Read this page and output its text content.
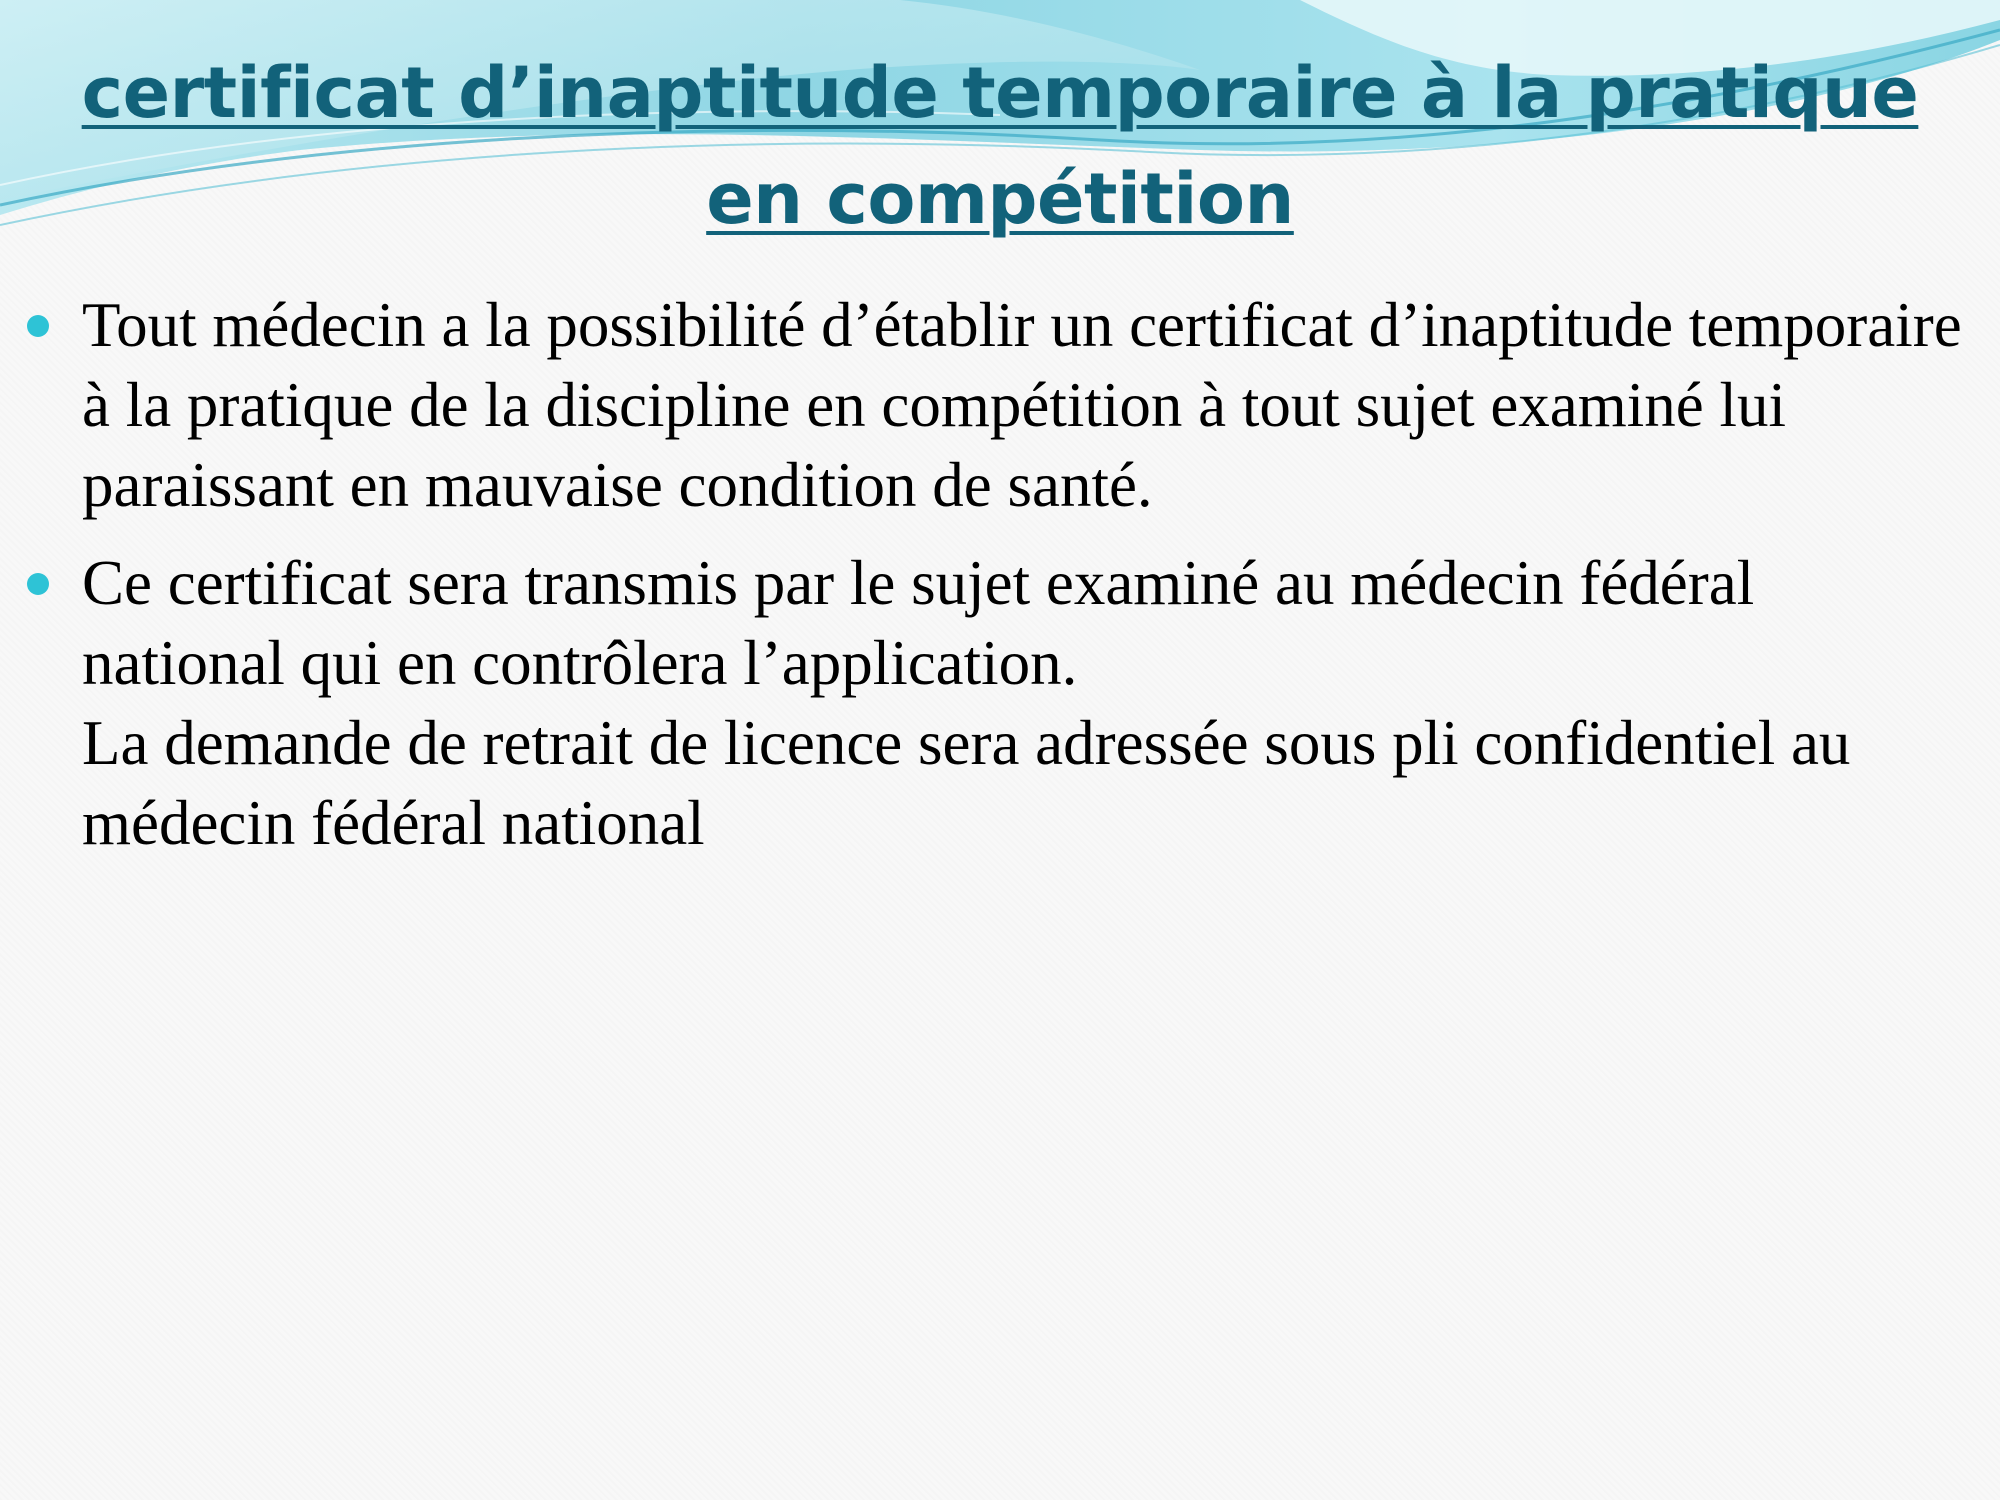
certificat d’inaptitude temporaire à la pratique en compétition
Tout médecin a la possibilité d’établir un certificat d’inaptitude temporaire à la pratique de la discipline en compétition à tout sujet examiné lui paraissant en mauvaise condition de santé.
Ce certificat sera transmis par le sujet examiné au médecin fédéral national qui en contrôlera l’application.
La demande de retrait de licence sera adressée sous pli confidentiel au médecin fédéral national
